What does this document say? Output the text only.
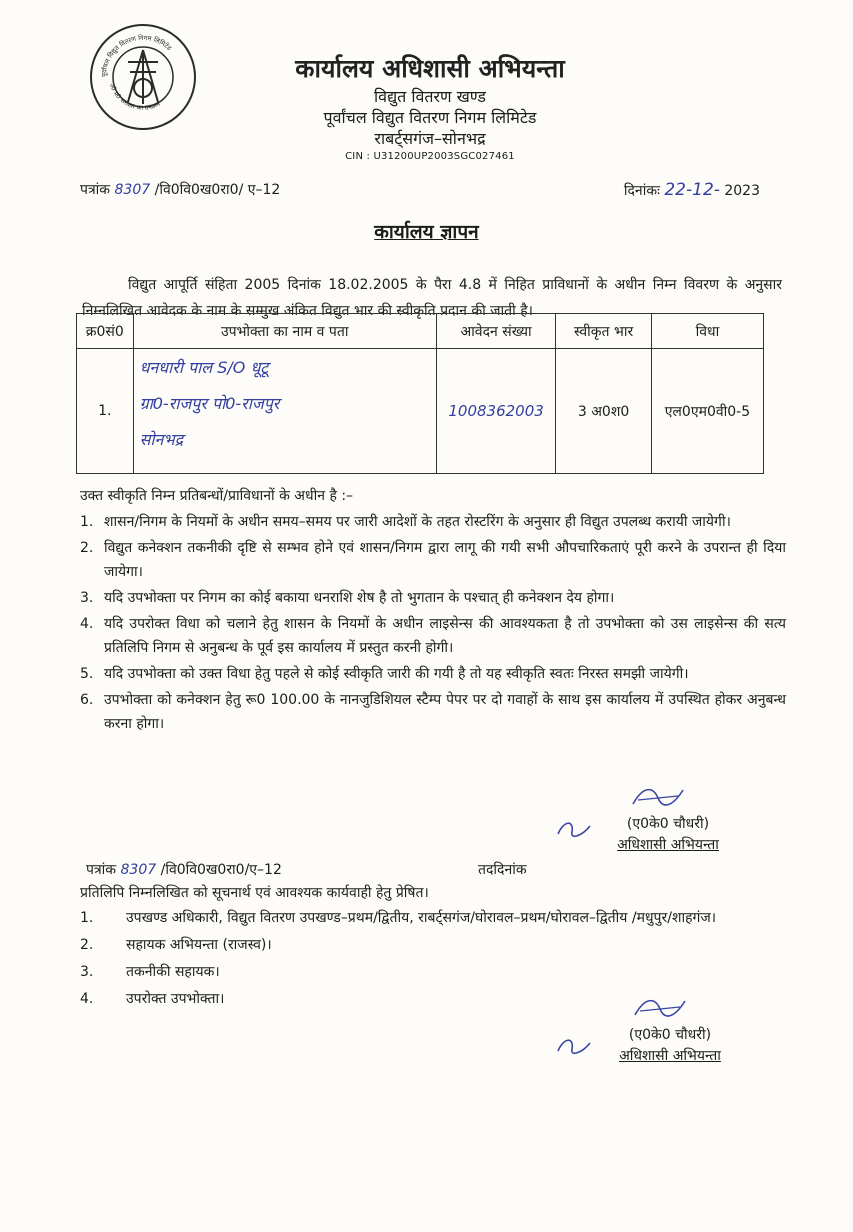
पूर्वांचल विद्युत वितरण निगम लिमिटेड
उ0 प्र0 सरकार का उपक्रम

कार्यालय अधिशासी अभियन्ता

विद्युत वितरण खण्ड

पूर्वांचल विद्युत वितरण निगम लिमिटेड

राबर्ट्सगंज–सोनभद्र

CIN : U31200UP2003SGC027461

पत्रांक 8307 /वि0वि0ख0रा0/ ए–12	दिनांकः 22-12- 2023
कार्यालय ज्ञापन

विद्युत आपूर्ति संहिता 2005 दिनांक 18.02.2005 के पैरा 4.8 में निहित प्राविधानों के अधीन निम्न विवरण के अनुसार निम्नलिखित आवेदक के नाम के सम्मुख अंकित विद्युत भार की स्वीकृति प्रदान की जाती है।

क्र0सं0	उपभोक्ता का नाम व पता	आवेदन संख्या	स्वीकृत भार	विधा
1.	धनधारी पाल S/O धूटू
ग्रा0-राजपुर पो0-राजपुर
सोनभद्र	1008362003	3 अ0श0	एल0एम0वी0-5
उक्त स्वीकृति निम्न प्रतिबन्धों/प्राविधानों के अधीन है :–
1. शासन/निगम के नियमों के अधीन समय–समय पर जारी आदेशों के तहत रोस्टरिंग के अनुसार ही विद्युत उपलब्ध करायी जायेगी।
2. विद्युत कनेक्शन तकनीकी दृष्टि से सम्भव होने एवं शासन/निगम द्वारा लागू की गयी सभी औपचारिकताएं पूरी करने के उपरान्त ही दिया जायेगा।
3. यदि उपभोक्ता पर निगम का कोई बकाया धनराशि शेष है तो भुगतान के पश्चात् ही कनेक्शन देय होगा।
4. यदि उपरोक्त विधा को चलाने हेतु शासन के नियमों के अधीन लाइसेन्स की आवश्यकता है तो उपभोक्ता को उस लाइसेन्स की सत्य प्रतिलिपि निगम से अनुबन्ध के पूर्व इस कार्यालय में प्रस्तुत करनी होगी।
5. यदि उपभोक्ता को उक्त विधा हेतु पहले से कोई स्वीकृति जारी की गयी है तो यह स्वीकृति स्वतः निरस्त समझी जायेगी।
6. उपभोक्ता को कनेक्शन हेतु रू0 100.00 के नानजुडिशियल स्टैम्प पेपर पर दो गवाहों के साथ इस कार्यालय में उपस्थित होकर अनुबन्ध करना होगा।
(ए0के0 चौधरी)
अधिशासी अभियन्ता
पत्रांक 8307 /वि0वि0ख0रा0/ए–12	तददिनांक
प्रतिलिपि निम्नलिखित को सूचनार्थ एवं आवश्यक कार्यवाही हेतु प्रेषित।
1. उपखण्ड अधिकारी, विद्युत वितरण उपखण्ड–प्रथम/द्वितीय, राबर्ट्सगंज/घोरावल–प्रथम/घोरावल–द्वितीय /मधुपुर/शाहगंज।
2. सहायक अभियन्ता (राजस्व)।
3. तकनीकी सहायक।
4. उपरोक्त उपभोक्ता।
(ए0के0 चौधरी)
अधिशासी अभियन्ता
